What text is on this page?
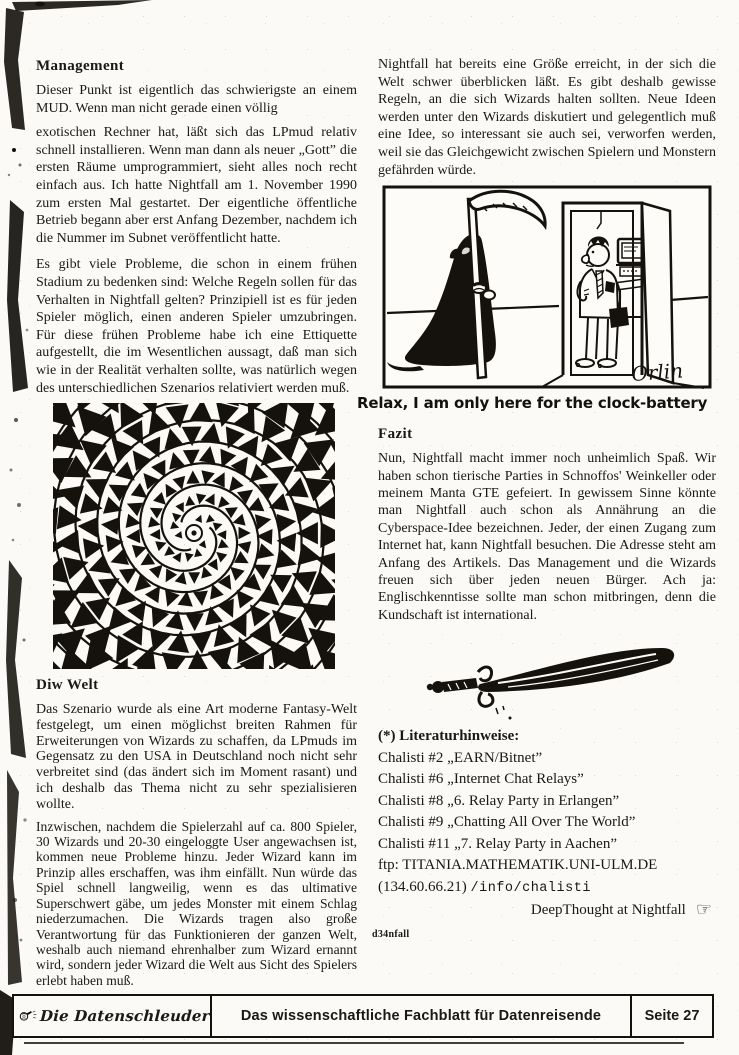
Management

Dieser Punkt ist eigentlich das schwierigste an einem MUD. Wenn man nicht gerade einen völlig

exotischen Rechner hat, läßt sich das LPmud relativ schnell installieren. Wenn man dann als neuer „Gott” die ersten Räume umprogrammiert, sieht alles noch recht einfach aus. Ich hatte Nightfall am 1. November 1990 zum ersten Mal gestartet. Der eigentliche öffentliche Betrieb begann aber erst Anfang Dezember, nachdem ich die Nummer im Subnet veröffentlicht hatte.

Es gibt viele Probleme, die schon in einem frühen Stadium zu bedenken sind: Welche Regeln sollen für das Verhalten in Nightfall gelten? Prinzipiell ist es für jeden Spieler möglich, einen anderen Spieler umzubringen. Für diese frühen Probleme habe ich eine Ettiquette aufgestellt, die im Wesentlichen aussagt, daß man sich wie in der Realität verhalten sollte, was natürlich wegen des unterschiedlichen Szenarios relativiert werden muß.

Diw Welt

Das Szenario wurde als eine Art moderne Fantasy-Welt festgelegt, um einen möglichst breiten Rahmen für Erweiterungen von Wizards zu schaffen, da LPmuds im Gegensatz zu den USA in Deutschland noch nicht sehr verbreitet sind (das ändert sich im Moment rasant) und ich deshalb das Thema nicht zu sehr spezialisieren wollte.

Inzwischen, nachdem die Spielerzahl auf ca. 800 Spieler, 30 Wizards und 20-30 eingeloggte User angewachsen ist, kommen neue Probleme hinzu. Jeder Wizard kann im Prinzip alles erschaffen, was ihm einfällt. Nun würde das Spiel schnell langweilig, wenn es das ultimative Superschwert gäbe, um jedes Monster mit einem Schlag niederzumachen. Die Wizards tragen also große Verantwortung für das Funktionieren der ganzen Welt, weshalb auch niemand ehrenhalber zum Wizard ernannt wird, sondern jeder Wizard die Welt aus Sicht des Spielers erlebt haben muß.

Nightfall hat bereits eine Größe erreicht, in der sich die Welt schwer überblicken läßt. Es gibt deshalb gewisse Regeln, an die sich Wizards halten sollten. Neue Ideen werden unter den Wizards diskutiert und gelegentlich muß eine Idee, so interessant sie auch sei, verworfen werden, weil sie das Gleichgewicht zwischen Spielern und Monstern gefährden würde.

Orlin
Relax, I am only here for the clock-battery
Fazit

Nun, Nightfall macht immer noch unheimlich Spaß. Wir haben schon tierische Parties in Schnoffos' Weinkeller oder meinem Manta GTE gefeiert. In gewissem Sinne könnte man Nightfall auch schon als Annährung an die Cyberspace-Idee bezeichnen. Jeder, der einen Zugang zum Internet hat, kann Nightfall besuchen. Die Adresse steht am Anfang des Artikels. Das Management und die Wizards freuen sich über jeden neuen Bürger. Ach ja: Englischkenntisse sollte man schon mitbringen, denn die Kundschaft ist international.

(*) Literaturhinweise:
Chalisti #2 „EARN/Bitnet”
Chalisti #6 „Internet Chat Relays”
Chalisti #8 „6. Relay Party in Erlangen”
Chalisti #9 „Chatting All Over The World”
Chalisti #11 „7. Relay Party in Aachen”
ftp: TITANIA.MATHEMATIK.UNI-ULM.DE
(134.60.66.21) /info/chalisti
DeepThought at Nightfall ☞
d34nfall
Die Datenschleuder	Das wissenschaftliche Fachblatt für Datenreisende	Seite 27
